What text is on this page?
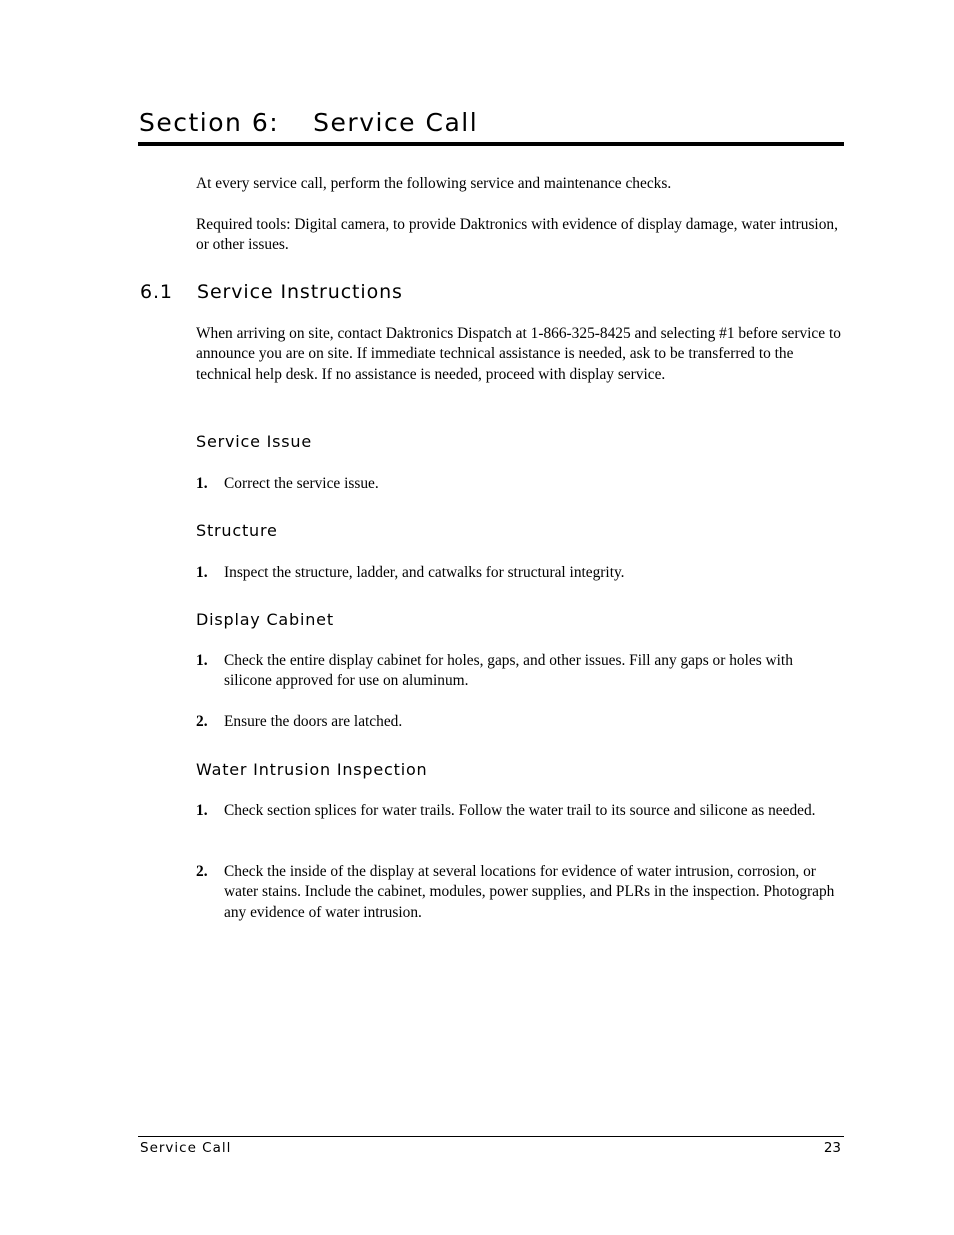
Section 6: Service Call

At every service call, perform the following service and maintenance checks.

Required tools: Digital camera, to provide Daktronics with evidence of display damage, water intrusion, or other issues.

6.1 Service Instructions

When arriving on site, contact Daktronics Dispatch at 1-866-325-8425 and selecting #1 before service to announce you are on site. If immediate technical assistance is needed, ask to be transferred to the technical help desk. If no assistance is needed, proceed with display service.

Service Issue
1. Correct the service issue.
Structure
1. Inspect the structure, ladder, and catwalks for structural integrity.
Display Cabinet
1. Check the entire display cabinet for holes, gaps, and other issues. Fill any gaps or holes with silicone approved for use on aluminum.
2. Ensure the doors are latched.
Water Intrusion Inspection
1. Check section splices for water trails. Follow the water trail to its source and silicone as needed.
2. Check the inside of the display at several locations for evidence of water intrusion, corrosion, or water stains. Include the cabinet, modules, power supplies, and PLRs in the inspection. Photograph any evidence of water intrusion.
Service Call	23
